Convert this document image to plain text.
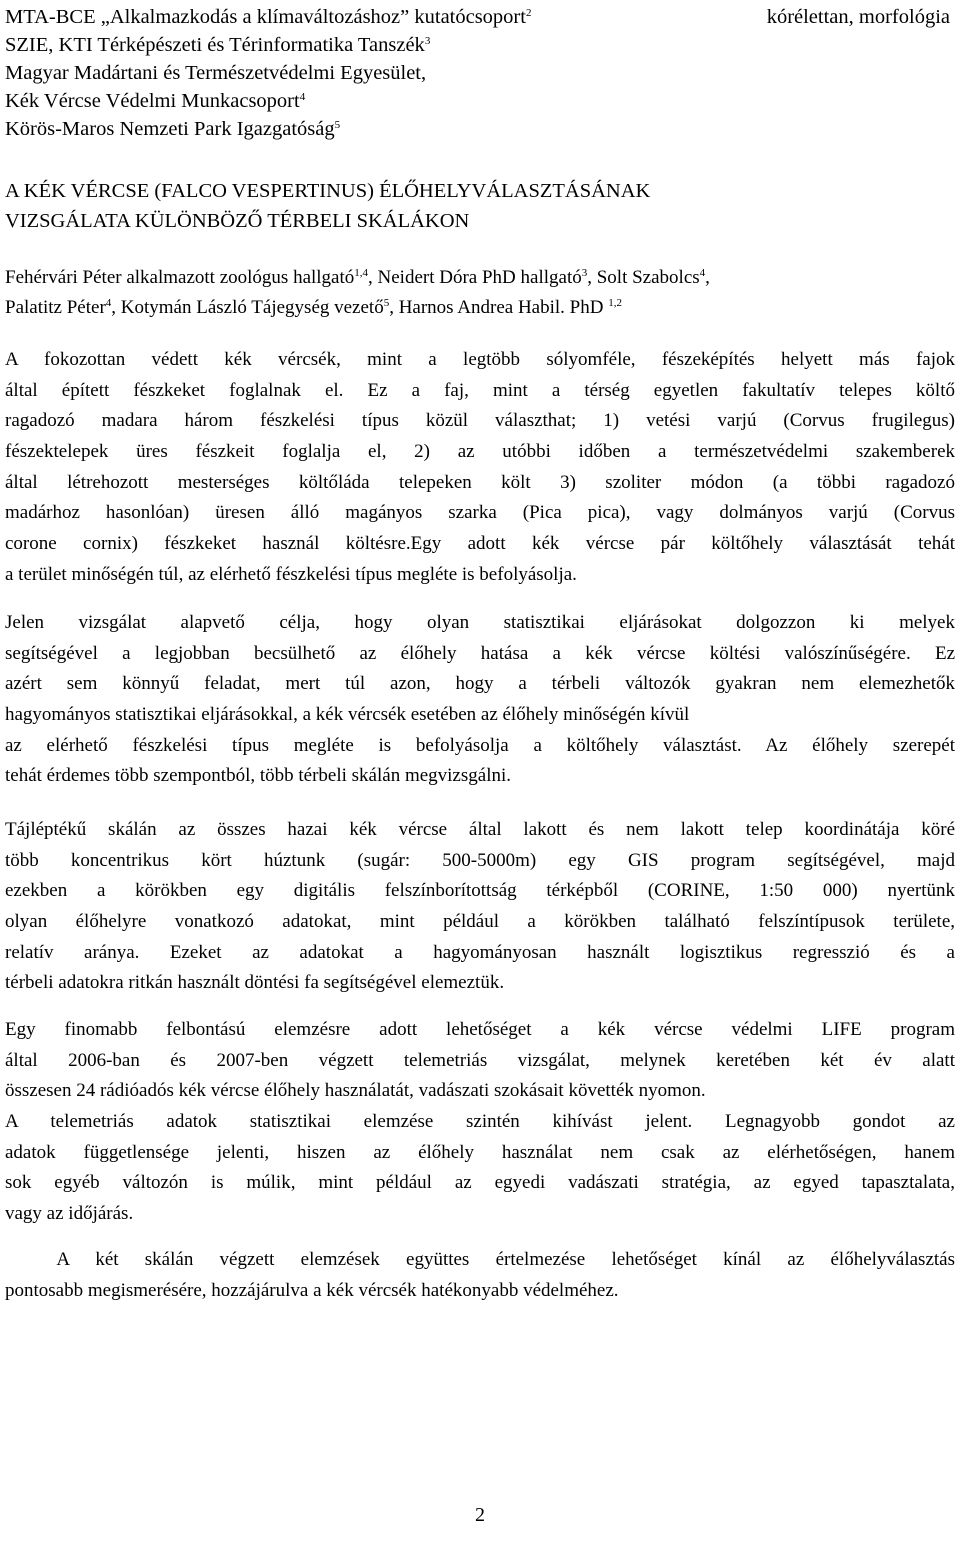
MTA-BCE „Alkalmazkodás a klímaváltozáshoz” kutatócsoport$^2$
SZIE, KTI Térképészeti és Térinformatika Tanszék$^3$
Magyar Madártani és Természetvédelmi Egyesület,
Kék Vércse Védelmi Munkacsoport$^4$
Körös-Maros Nemzeti Park Igazgatóság$^5$
kórélettan, morfológia
A KÉK VÉRCSE (FALCO VESPERTINUS) ÉLŐHELYVÁLASZTÁSÁNAK
VIZSGÁLATA KÜLÖNBÖZŐ TÉRBELI SKÁLÁKON
Fehérvári Péter alkalmazott zoológus hallgató$^{1,4}$, Neidert Dóra PhD hallgató$^3$, Solt Szabolcs$^4$,
Palatitz Péter$^4$, Kotymán László Tájegység vezető$^5$, Harnos Andrea Habil. PhD $^{1,2}$
A fokozottan védett kék vércsék, mint a legtöbb sólyomféle, fészeképítés helyett más fajok
által épített fészkeket foglalnak el. Ez a faj, mint a térség egyetlen fakultatív telepes költő
ragadozó madara három fészkelési típus közül választhat; 1) vetési varjú (Corvus frugilegus)
fészektelepek üres fészkeit foglalja el, 2) az utóbbi időben a természetvédelmi szakemberek
által létrehozott mesterséges költőláda telepeken költ 3) szoliter módon (a többi ragadozó
madárhoz hasonlóan) üresen álló magányos szarka (Pica pica), vagy dolmányos varjú (Corvus
corone cornix) fészkeket használ költésre.Egy adott kék vércse pár költőhely választását tehát
a terület minőségén túl, az elérhető fészkelési típus megléte is befolyásolja.
Jelen vizsgálat alapvető célja, hogy olyan statisztikai eljárásokat dolgozzon ki melyek
segítségével a legjobban becsülhető az élőhely hatása a kék vércse költési valószínűségére. Ez
azért sem könnyű feladat, mert túl azon, hogy a térbeli változók gyakran nem elemezhetők
hagyományos statisztikai eljárásokkal, a kék vércsék esetében az élőhely minőségén kívül
az elérhető fészkelési típus megléte is befolyásolja a költőhely választást. Az élőhely szerepét
tehát érdemes több szempontból, több térbeli skálán megvizsgálni.
Tájléptékű skálán az összes hazai kék vércse által lakott és nem lakott telep koordinátája köré
több koncentrikus kört húztunk (sugár: 500-5000m) egy GIS program segítségével, majd
ezekben a körökben egy digitális felszínborítottság térképből (CORINE, 1:50 000) nyertünk
olyan élőhelyre vonatkozó adatokat, mint például a körökben található felszíntípusok területe,
relatív aránya. Ezeket az adatokat a hagyományosan használt logisztikus regresszió és a
térbeli adatokra ritkán használt döntési fa segítségével elemeztük.
Egy finomabb felbontású elemzésre adott lehetőséget a kék vércse védelmi LIFE program
által 2006-ban és 2007-ben végzett telemetriás vizsgálat, melynek keretében két év alatt
összesen 24 rádióadós kék vércse élőhely használatát, vadászati szokásait követték nyomon.
A telemetriás adatok statisztikai elemzése szintén kihívást jelent. Legnagyobb gondot az
adatok függetlensége jelenti, hiszen az élőhely használat nem csak az elérhetőségen, hanem
sok egyéb változón is múlik, mint például az egyedi vadászati stratégia, az egyed tapasztalata,
vagy az időjárás.
A két skálán végzett elemzések együttes értelmezése lehetőséget kínál az élőhelyválasztás
pontosabb megismerésére, hozzájárulva a kék vércsék hatékonyabb védelméhez.
2
